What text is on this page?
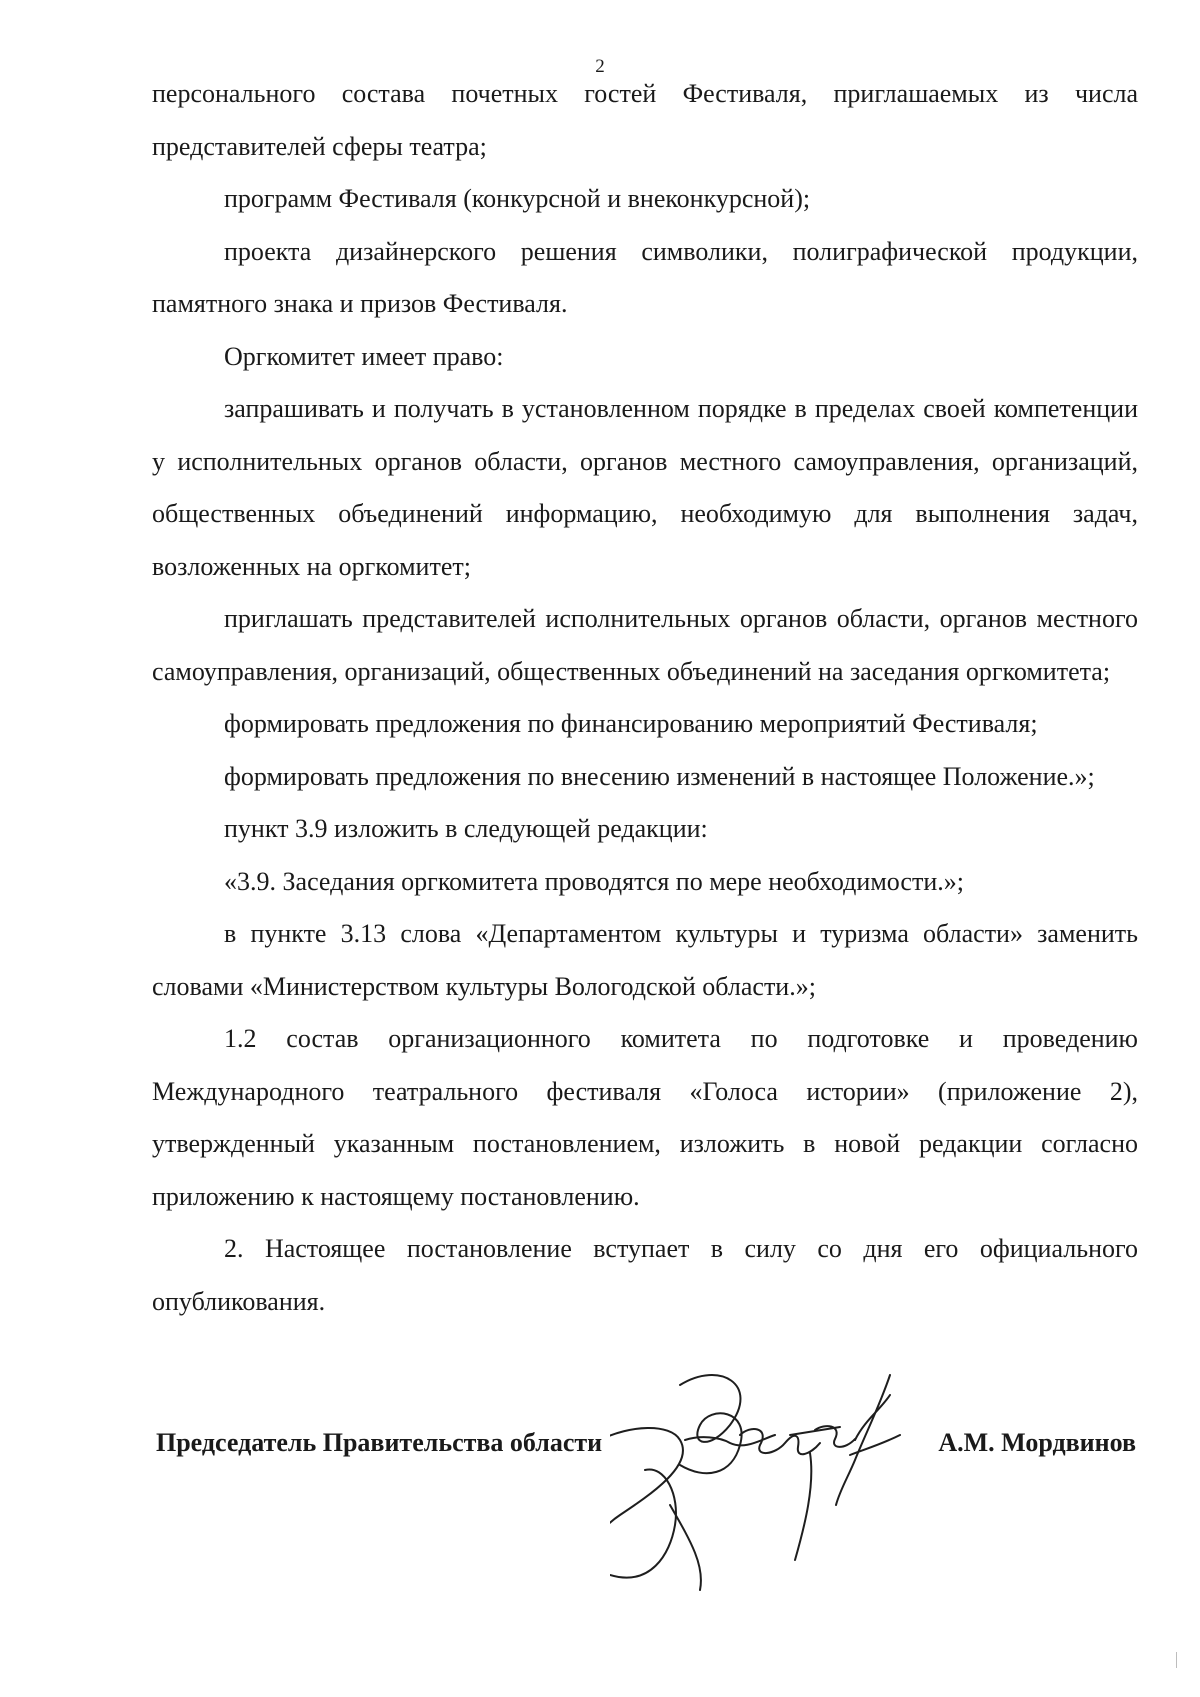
2

персонального состава почетных гостей Фестиваля, приглашаемых из числа представителей сферы театра;

программ Фестиваля (конкурсной и внеконкурсной);

проекта дизайнерского решения символики, полиграфической продукции, памятного знака и призов Фестиваля.

Оргкомитет имеет право:

запрашивать и получать в установленном порядке в пределах своей компетенции у исполнительных органов области, органов местного самоуправления, организаций, общественных объединений информацию, необходимую для выполнения задач, возложенных на оргкомитет;

приглашать представителей исполнительных органов области, органов местного самоуправления, организаций, общественных объединений на заседания оргкомитета;

формировать предложения по финансированию мероприятий Фестиваля;

формировать предложения по внесению изменений в настоящее Положение.»;

пункт 3.9 изложить в следующей редакции:

«3.9. Заседания оргкомитета проводятся по мере необходимости.»;

в пункте 3.13 слова «Департаментом культуры и туризма области» заменить словами «Министерством культуры Вологодской области.»;

1.2 состав организационного комитета по подготовке и проведению Международного театрального фестиваля «Голоса истории» (приложение 2), утвержденный указанным постановлением, изложить в новой редакции согласно приложению к настоящему постановлению.

2. Настоящее постановление вступает в силу со дня его официального опубликования.

Председатель Правительства области	А.М. Мордвинов
